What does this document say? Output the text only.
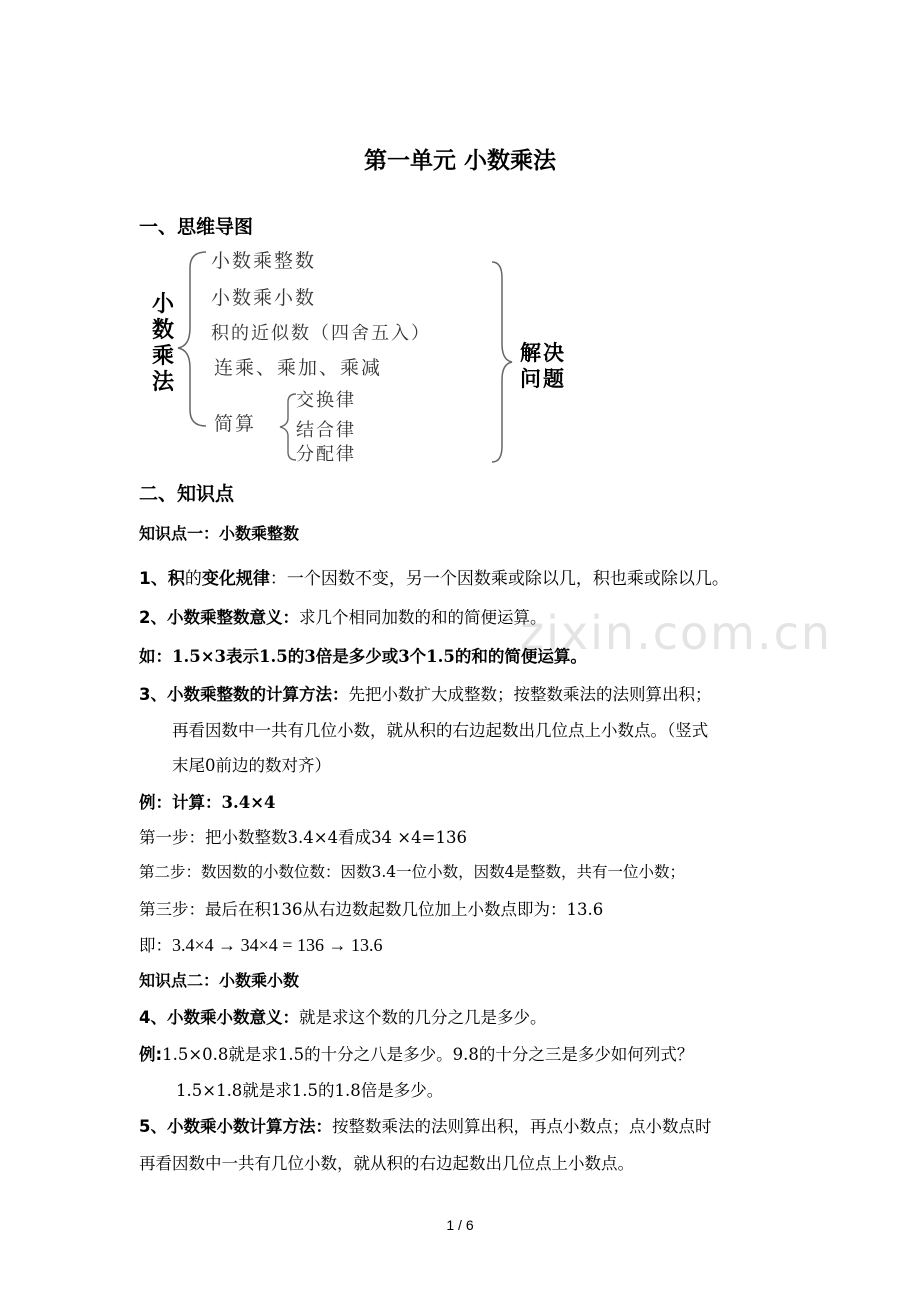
zixin.com.cn
第一单元 小数乘法
一、思维导图
小
数
乘
法
小数乘整数
小数乘小数
积的近似数（四舍五入）
连乘、乘加、乘减
简算
交换律
结合律
分配律
解决
问题
二、知识点
知识点一：小数乘整数
1、积的变化规律：一个因数不变，另一个因数乘或除以几，积也乘或除以几。
2、小数乘整数意义：求几个相同加数的和的简便运算。
如：1.5×3表示1.5的3倍是多少或3个1.5的和的简便运算。
3、小数乘整数的计算方法：先把小数扩大成整数；按整数乘法的法则算出积；
再看因数中一共有几位小数，就从积的右边起数出几位点上小数点。（竖式
末尾0前边的数对齐）
例：计算：3.4×4
第一步：把小数整数3.4×4看成34 ×4=136
第二步：数因数的小数位数：因数3.4一位小数，因数4是整数，共有一位小数；
第三步：最后在积136从右边数起数几位加上小数点即为：13.6
即：3.4×4 → 34×4 = 136 → 13.6
知识点二：小数乘小数
4、小数乘小数意义：就是求这个数的几分之几是多少。
例:1.5×0.8就是求1.5的十分之八是多少。9.8的十分之三是多少如何列式？
1.5×1.8就是求1.5的1.8倍是多少。
5、小数乘小数计算方法：按整数乘法的法则算出积，再点小数点；点小数点时
再看因数中一共有几位小数，就从积的右边起数出几位点上小数点。
1 / 6
